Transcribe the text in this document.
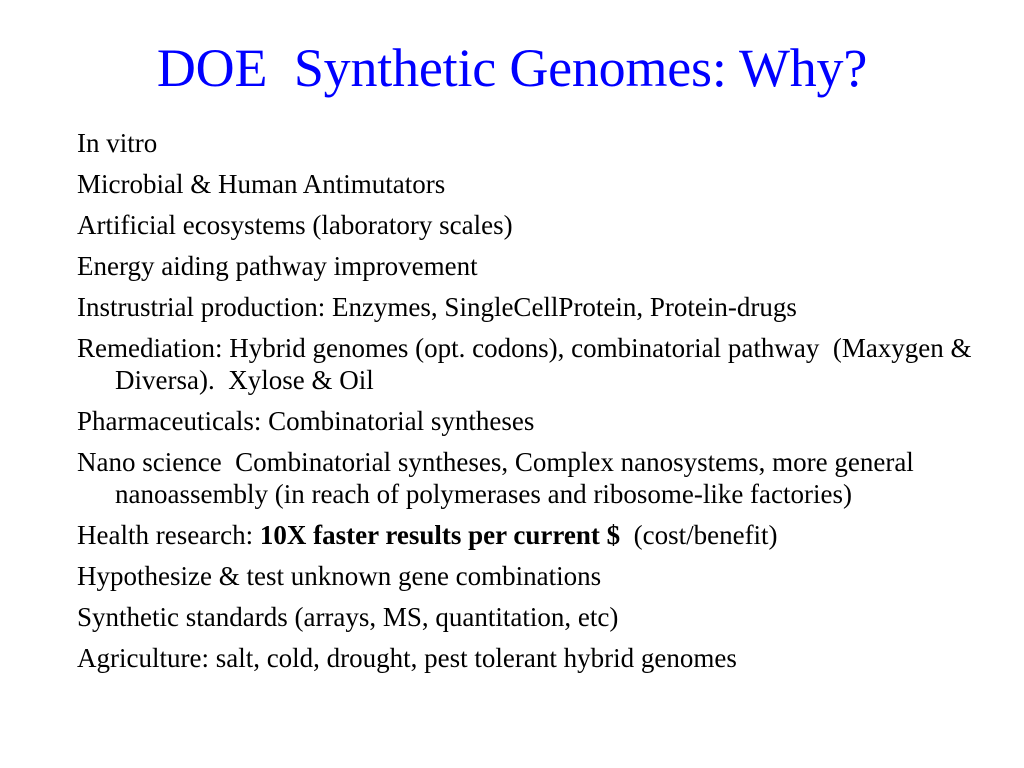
DOE  Synthetic Genomes: Why?
In vitro
Microbial & Human Antimutators
Artificial ecosystems (laboratory scales)
Energy aiding pathway improvement
Instrustrial production: Enzymes, SingleCellProtein, Protein-drugs
Remediation: Hybrid genomes (opt. codons), combinatorial pathway  (Maxygen & Diversa).  Xylose & Oil
Pharmaceuticals: Combinatorial syntheses
Nano science  Combinatorial syntheses, Complex nanosystems, more general nanoassembly (in reach of polymerases and ribosome-like factories)
Health research: 10X faster results per current $  (cost/benefit)
Hypothesize & test unknown gene combinations
Synthetic standards (arrays, MS, quantitation, etc)
Agriculture: salt, cold, drought, pest tolerant hybrid genomes
